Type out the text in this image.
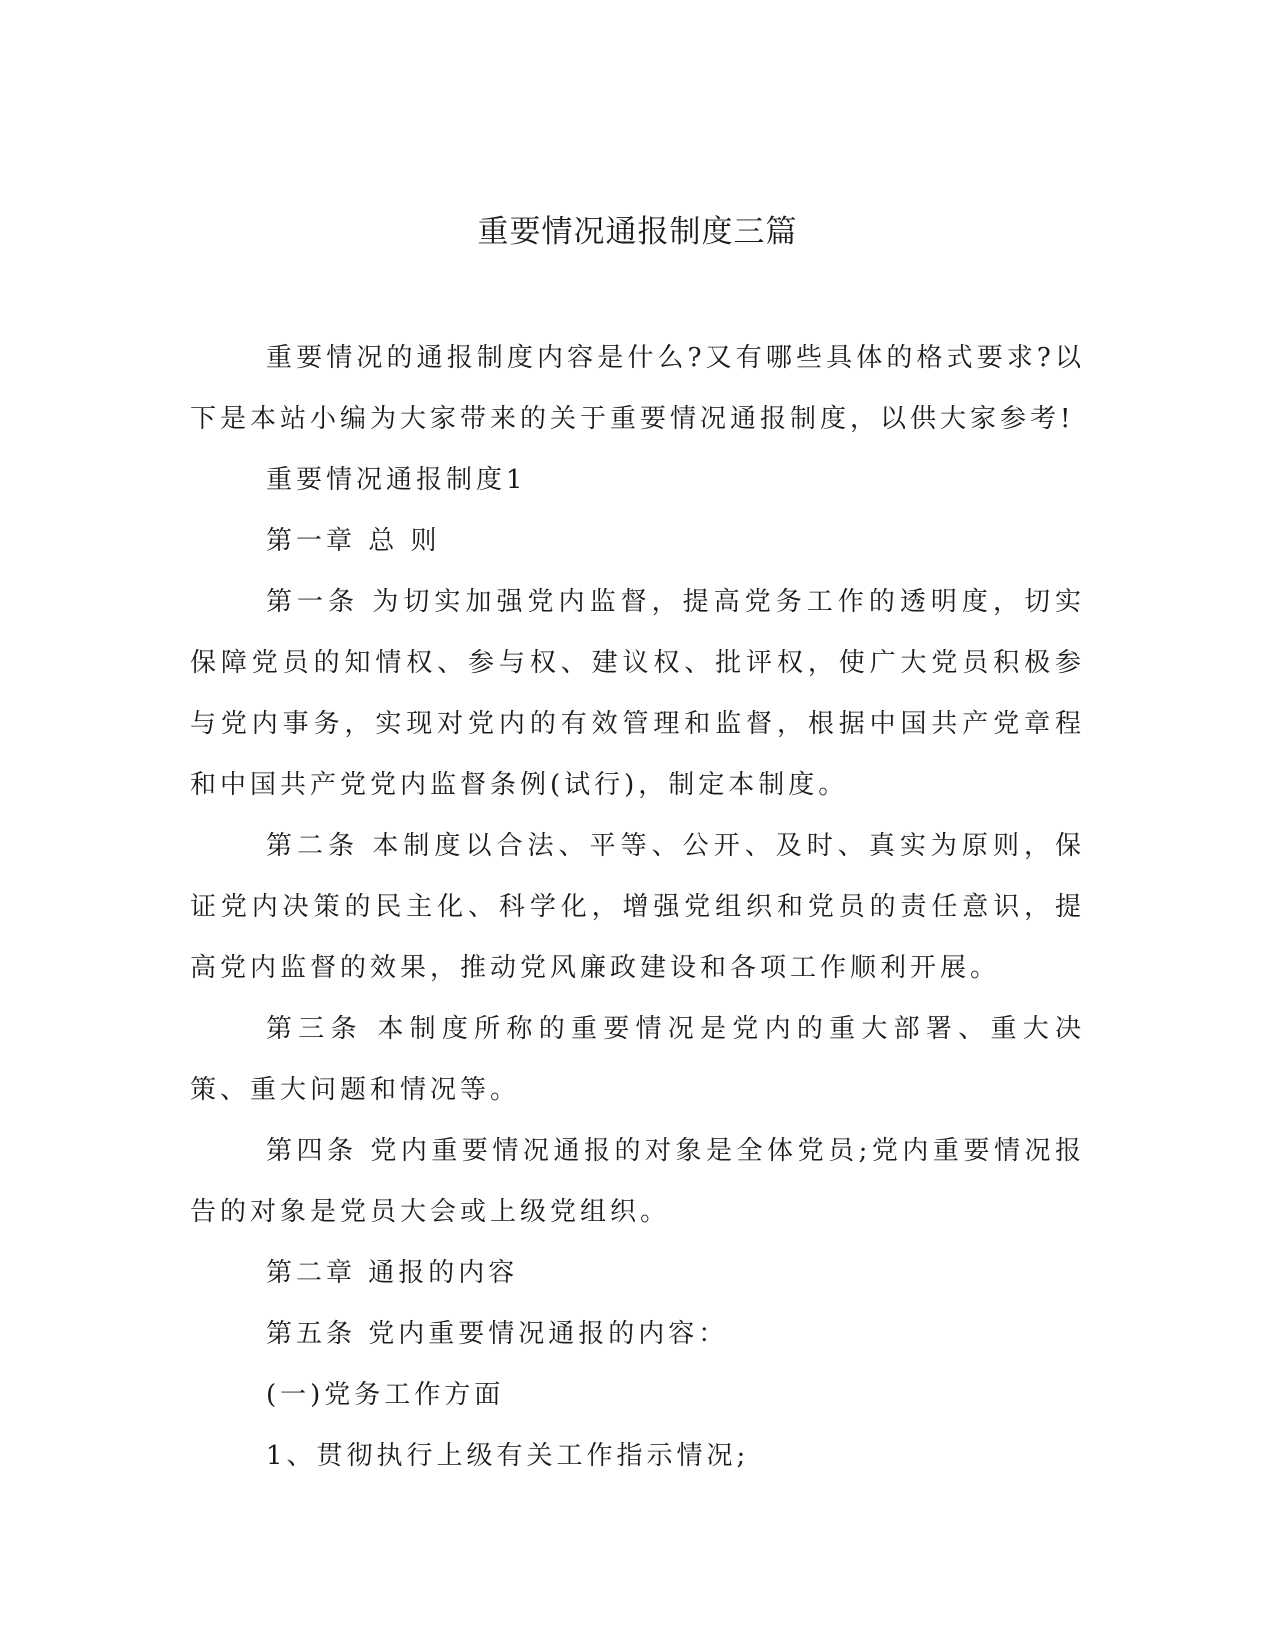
重要情况通报制度三篇

重要情况的通报制度内容是什么?又有哪些具体的格式要求?以下是本站小编为大家带来的关于重要情况通报制度，以供大家参考!

重要情况通报制度1

第一章 总 则

第一条 为切实加强党内监督，提高党务工作的透明度，切实保障党员的知情权、参与权、建议权、批评权，使广大党员积极参与党内事务，实现对党内的有效管理和监督，根据中国共产党章程和中国共产党党内监督条例(试行)，制定本制度。

第二条 本制度以合法、平等、公开、及时、真实为原则，保证党内决策的民主化、科学化，增强党组织和党员的责任意识，提高党内监督的效果，推动党风廉政建设和各项工作顺利开展。

第三条 本制度所称的重要情况是党内的重大部署、重大决策、重大问题和情况等。

第四条 党内重要情况通报的对象是全体党员;党内重要情况报告的对象是党员大会或上级党组织。

第二章 通报的内容

第五条 党内重要情况通报的内容：

(一)党务工作方面

1、贯彻执行上级有关工作指示情况;
